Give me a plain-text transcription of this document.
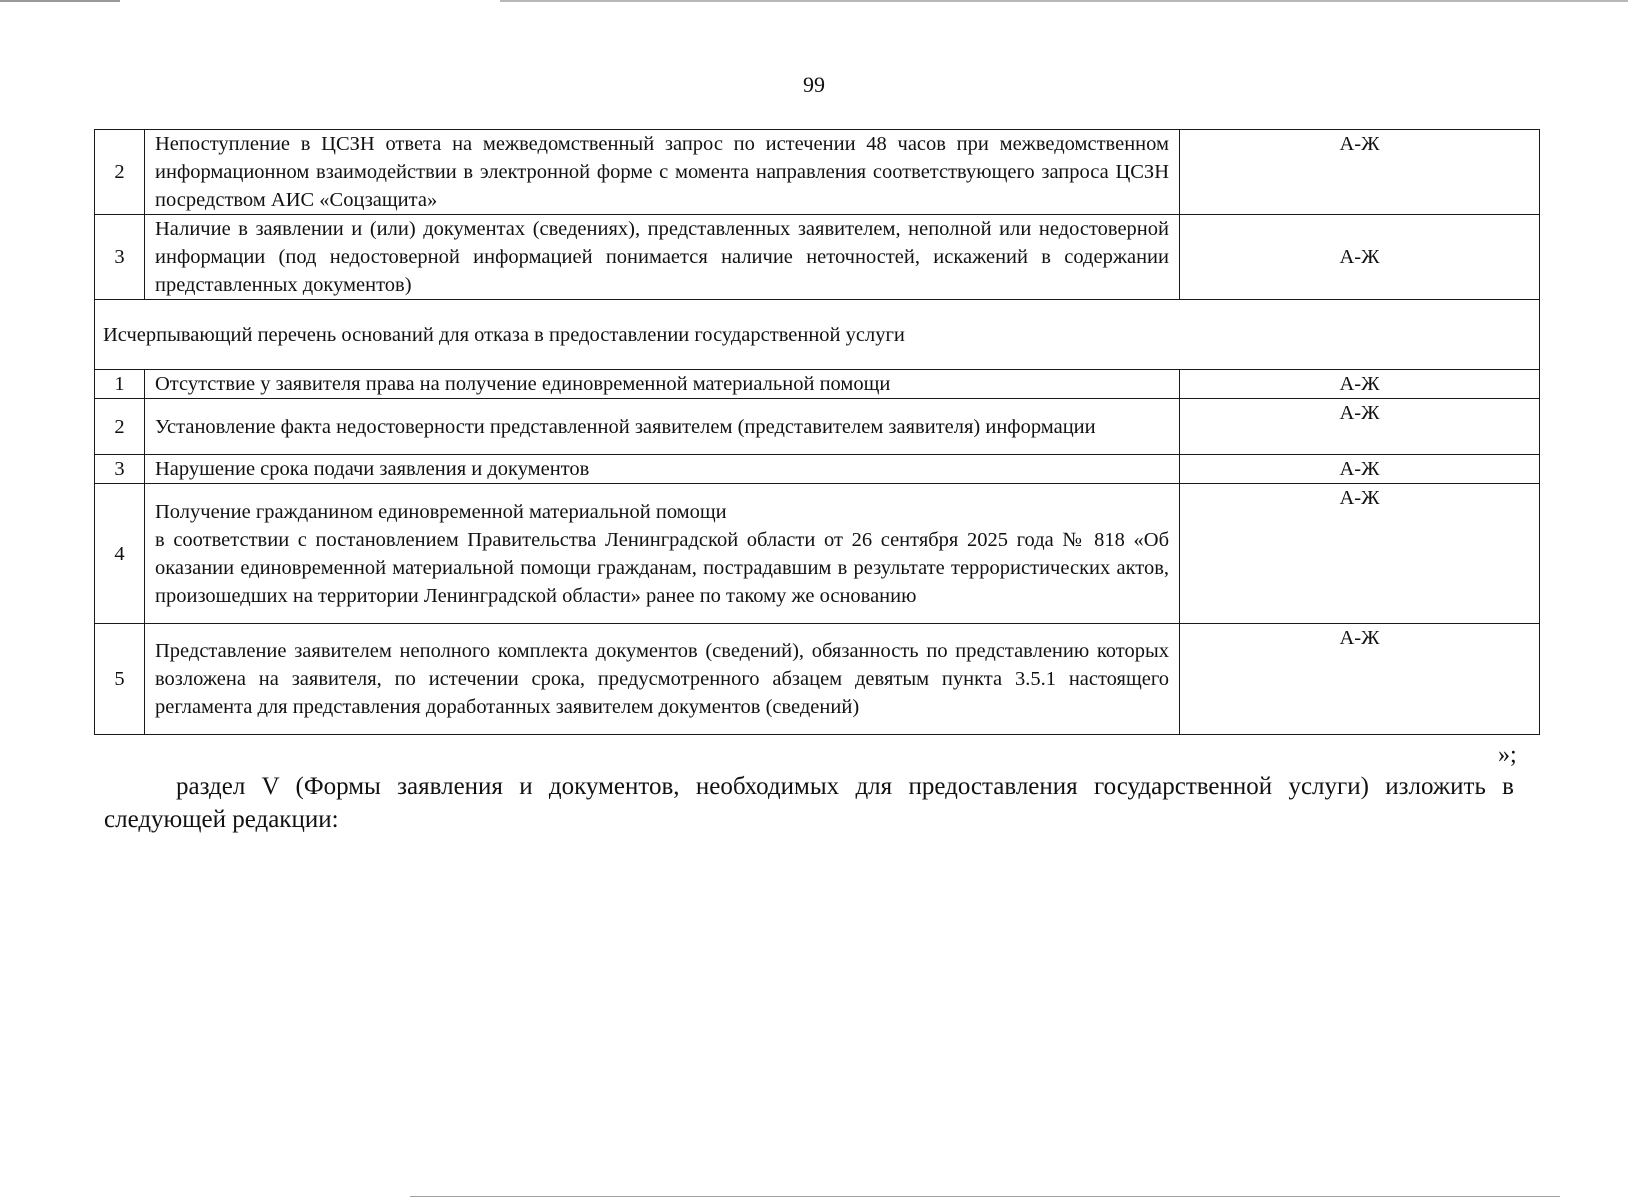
99
2	Непоступление в ЦСЗН ответа на межведомственный запрос по истечении 48 часов при межведомственном информационном взаимодействии в электронной форме с момента направления соответствующего запроса ЦСЗН посредством АИС «Соцзащита»	А-Ж
3	Наличие в заявлении и (или) документах (сведениях), представленных заявителем, неполной или недостоверной информации (под недостоверной информацией понимается наличие неточностей, искажений в содержании представленных документов)	А-Ж
Исчерпывающий перечень оснований для отказа в предоставлении государственной услуги		
1	Отсутствие у заявителя права на получение единовременной материальной помощи	А-Ж
2	Установление факта недостоверности представленной заявителем (представителем заявителя) информации	А-Ж
3	Нарушение срока подачи заявления и документов	А-Ж
4	Получение гражданином единовременной материальной помощи
в соответствии с постановлением Правительства Ленинградской области от 26 сентября 2025 года № 818 «Об оказании единовременной материальной помощи гражданам, пострадавшим в результате террористических актов, произошедших на территории Ленинградской области» ранее по такому же основанию	А-Ж
5	Представление заявителем неполного комплекта документов (сведений), обязанность по представлению которых возложена на заявителя, по истечении срока, предусмотренного абзацем девятым пункта 3.5.1 настоящего регламента для представления доработанных заявителем документов (сведений)	А-Ж
»;
раздел V (Формы заявления и документов, необходимых для предоставления государственной услуги) изложить в следующей редакции:
